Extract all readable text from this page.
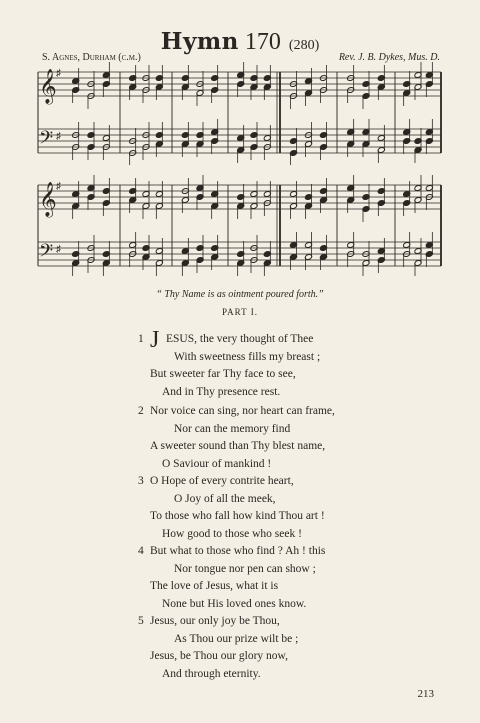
Hymn 170 (280)
S. Agnes, Durham (c.m.)	Rev. J. B. Dykes, Mus. D.
𝄞
𝄢
♯
♯
𝄞
𝄢
♯
♯
“ Thy Name is as ointment poured forth.”
PART I.
1 J ESUS, the very thought of Thee
With sweetness fills my breast ;
But sweeter far Thy face to see,
And in Thy presence rest.
2 Nor voice can sing, nor heart can frame,
Nor can the memory find
A sweeter sound than Thy blest name,
O Saviour of mankind !
3 O Hope of every contrite heart,
O Joy of all the meek,
To those who fall how kind Thou art !
How good to those who seek !
4 But what to those who find ? Ah ! this
Nor tongue nor pen can show ;
The love of Jesus, what it is
None but His loved ones know.
5 Jesus, our only joy be Thou,
As Thou our prize wilt be ;
Jesus, be Thou our glory now,
And through eternity.
213
